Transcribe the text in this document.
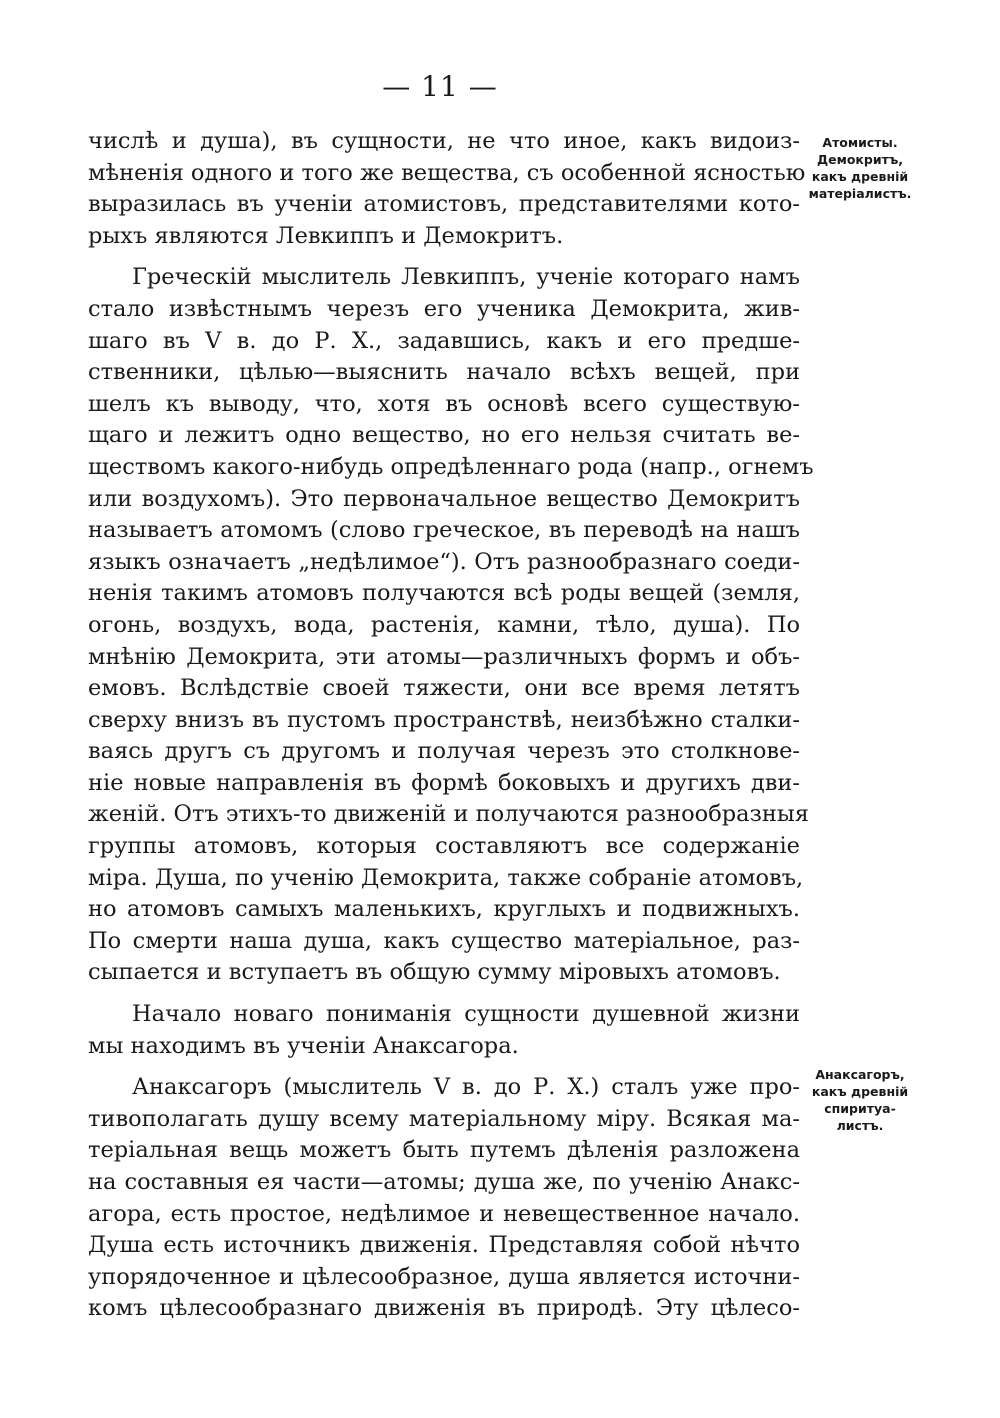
— 11 —
числѣ и душа), въ сущности, не что иное, какъ видоиз-
мѣненія одного и того же вещества, съ особенной ясностью
выразилась въ ученіи атомистовъ, представителями кото-
рыхъ являются Левкиппъ и Демокритъ.
Греческій мыслитель Левкиппъ, ученіе котораго намъ
стало извѣстнымъ черезъ его ученика Демокрита, жив-
шаго въ V в. до Р. Х., задавшись, какъ и его предше-
ственники, цѣлью—выяснить начало всѣхъ вещей, при
шелъ къ выводу, что, хотя въ основѣ всего существую-
щаго и лежитъ одно вещество, но его нельзя считать ве-
ществомъ какого-нибудь опредѣленнаго рода (напр., огнемъ
или воздухомъ). Это первоначальное вещество Демокритъ
называетъ атомомъ (слово греческое, въ переводѣ на нашъ
языкъ означаетъ „недѣлимое“). Отъ разнообразнаго соеди-
ненія такимъ атомовъ получаются всѣ роды вещей (земля,
огонь, воздухъ, вода, растенія, камни, тѣло, душа). По
мнѣнію Демокрита, эти атомы—различныхъ формъ и объ-
емовъ. Вслѣдствіе своей тяжести, они все время летятъ
сверху внизъ въ пустомъ пространствѣ, неизбѣжно сталки-
ваясь другъ съ другомъ и получая черезъ это столкнове-
ніе новые направленія въ формѣ боковыхъ и другихъ дви-
женій. Отъ этихъ-то движеній и получаются разнообразныя
группы атомовъ, которыя составляютъ все содержаніе
міра. Душа, по ученію Демокрита, также собраніе атомовъ,
но атомовъ самыхъ маленькихъ, круглыхъ и подвижныхъ.
По смерти наша душа, какъ существо матеріальное, раз-
сыпается и вступаетъ въ общую сумму міровыхъ атомовъ.
Начало новаго пониманія сущности душевной жизни
мы находимъ въ ученіи Анаксагора.
Анаксагоръ (мыслитель V в. до Р. Х.) сталъ уже про-
тивополагать душу всему матеріальному міру. Всякая ма-
теріальная вещь можетъ быть путемъ дѣленія разложена
на составныя ея части—атомы; душа же, по ученію Анакс-
агора, есть простое, недѣлимое и невещественное начало.
Душа есть источникъ движенія. Представляя собой нѣчто
упорядоченное и цѣлесообразное, душа является источни-
комъ цѣлесообразнаго движенія въ природѣ. Эту цѣлесо-
Атомисты.
Демокритъ,
какъ древній
матеріалистъ.
Анаксагоръ,
какъ древній
спиритуа-
листъ.
